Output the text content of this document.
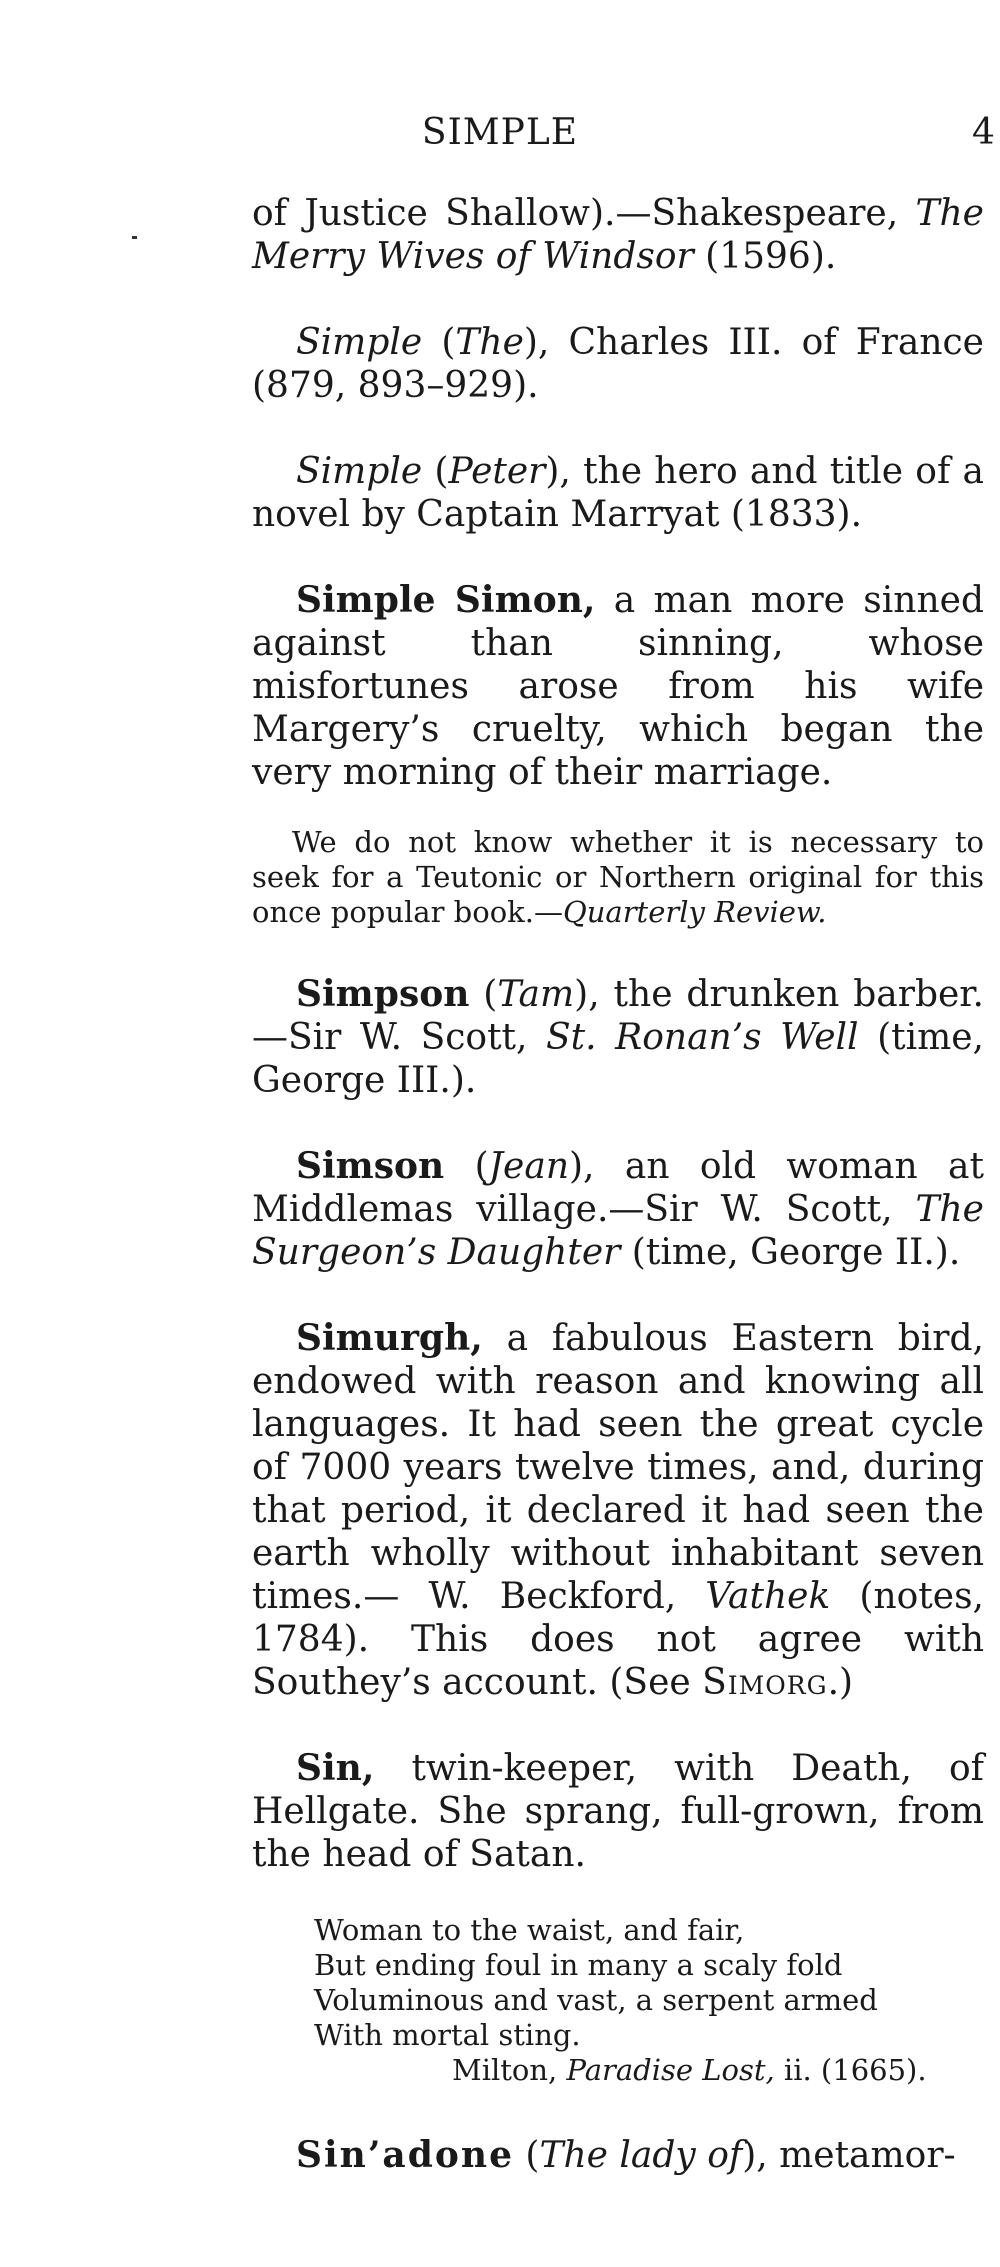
SIMPLE	4

of Justice Shallow).—Shakespeare, The Merry Wives of Windsor (1596).

Simple (The), Charles III. of France (879, 893–929).

Simple (Peter), the hero and title of a novel by Captain Marryat (1833).

Simple Simon, a man more sinned against than sinning, whose misfortunes arose from his wife Margery’s cruelty, which began the very morning of their marriage.

We do not know whether it is necessary to seek for a Teutonic or Northern original for this once popular book.—Quarterly Review.

Simpson (Tam), the drunken barber. —Sir W. Scott, St. Ronan’s Well (time, George III.).

Simson (Jean), an old woman at Middlemas village.—Sir W. Scott, The Surgeon’s Daughter (time, George II.).

Simurgh, a fabulous Eastern bird, endowed with reason and knowing all languages. It had seen the great cycle of 7000 years twelve times, and, during that period, it declared it had seen the earth wholly without inhabitant seven times.— W. Beckford, Vathek (notes, 1784). This does not agree with Southey’s account. (See Simorg.)

Sin, twin-keeper, with Death, of Hellgate. She sprang, full-grown, from the head of Satan.

Woman to the waist, and fair,
But ending foul in many a scaly fold
Voluminous and vast, a serpent armed
With mortal sting.
Milton, Paradise Lost, ii. (1665).

Sin’adone (The lady of), metamor-
